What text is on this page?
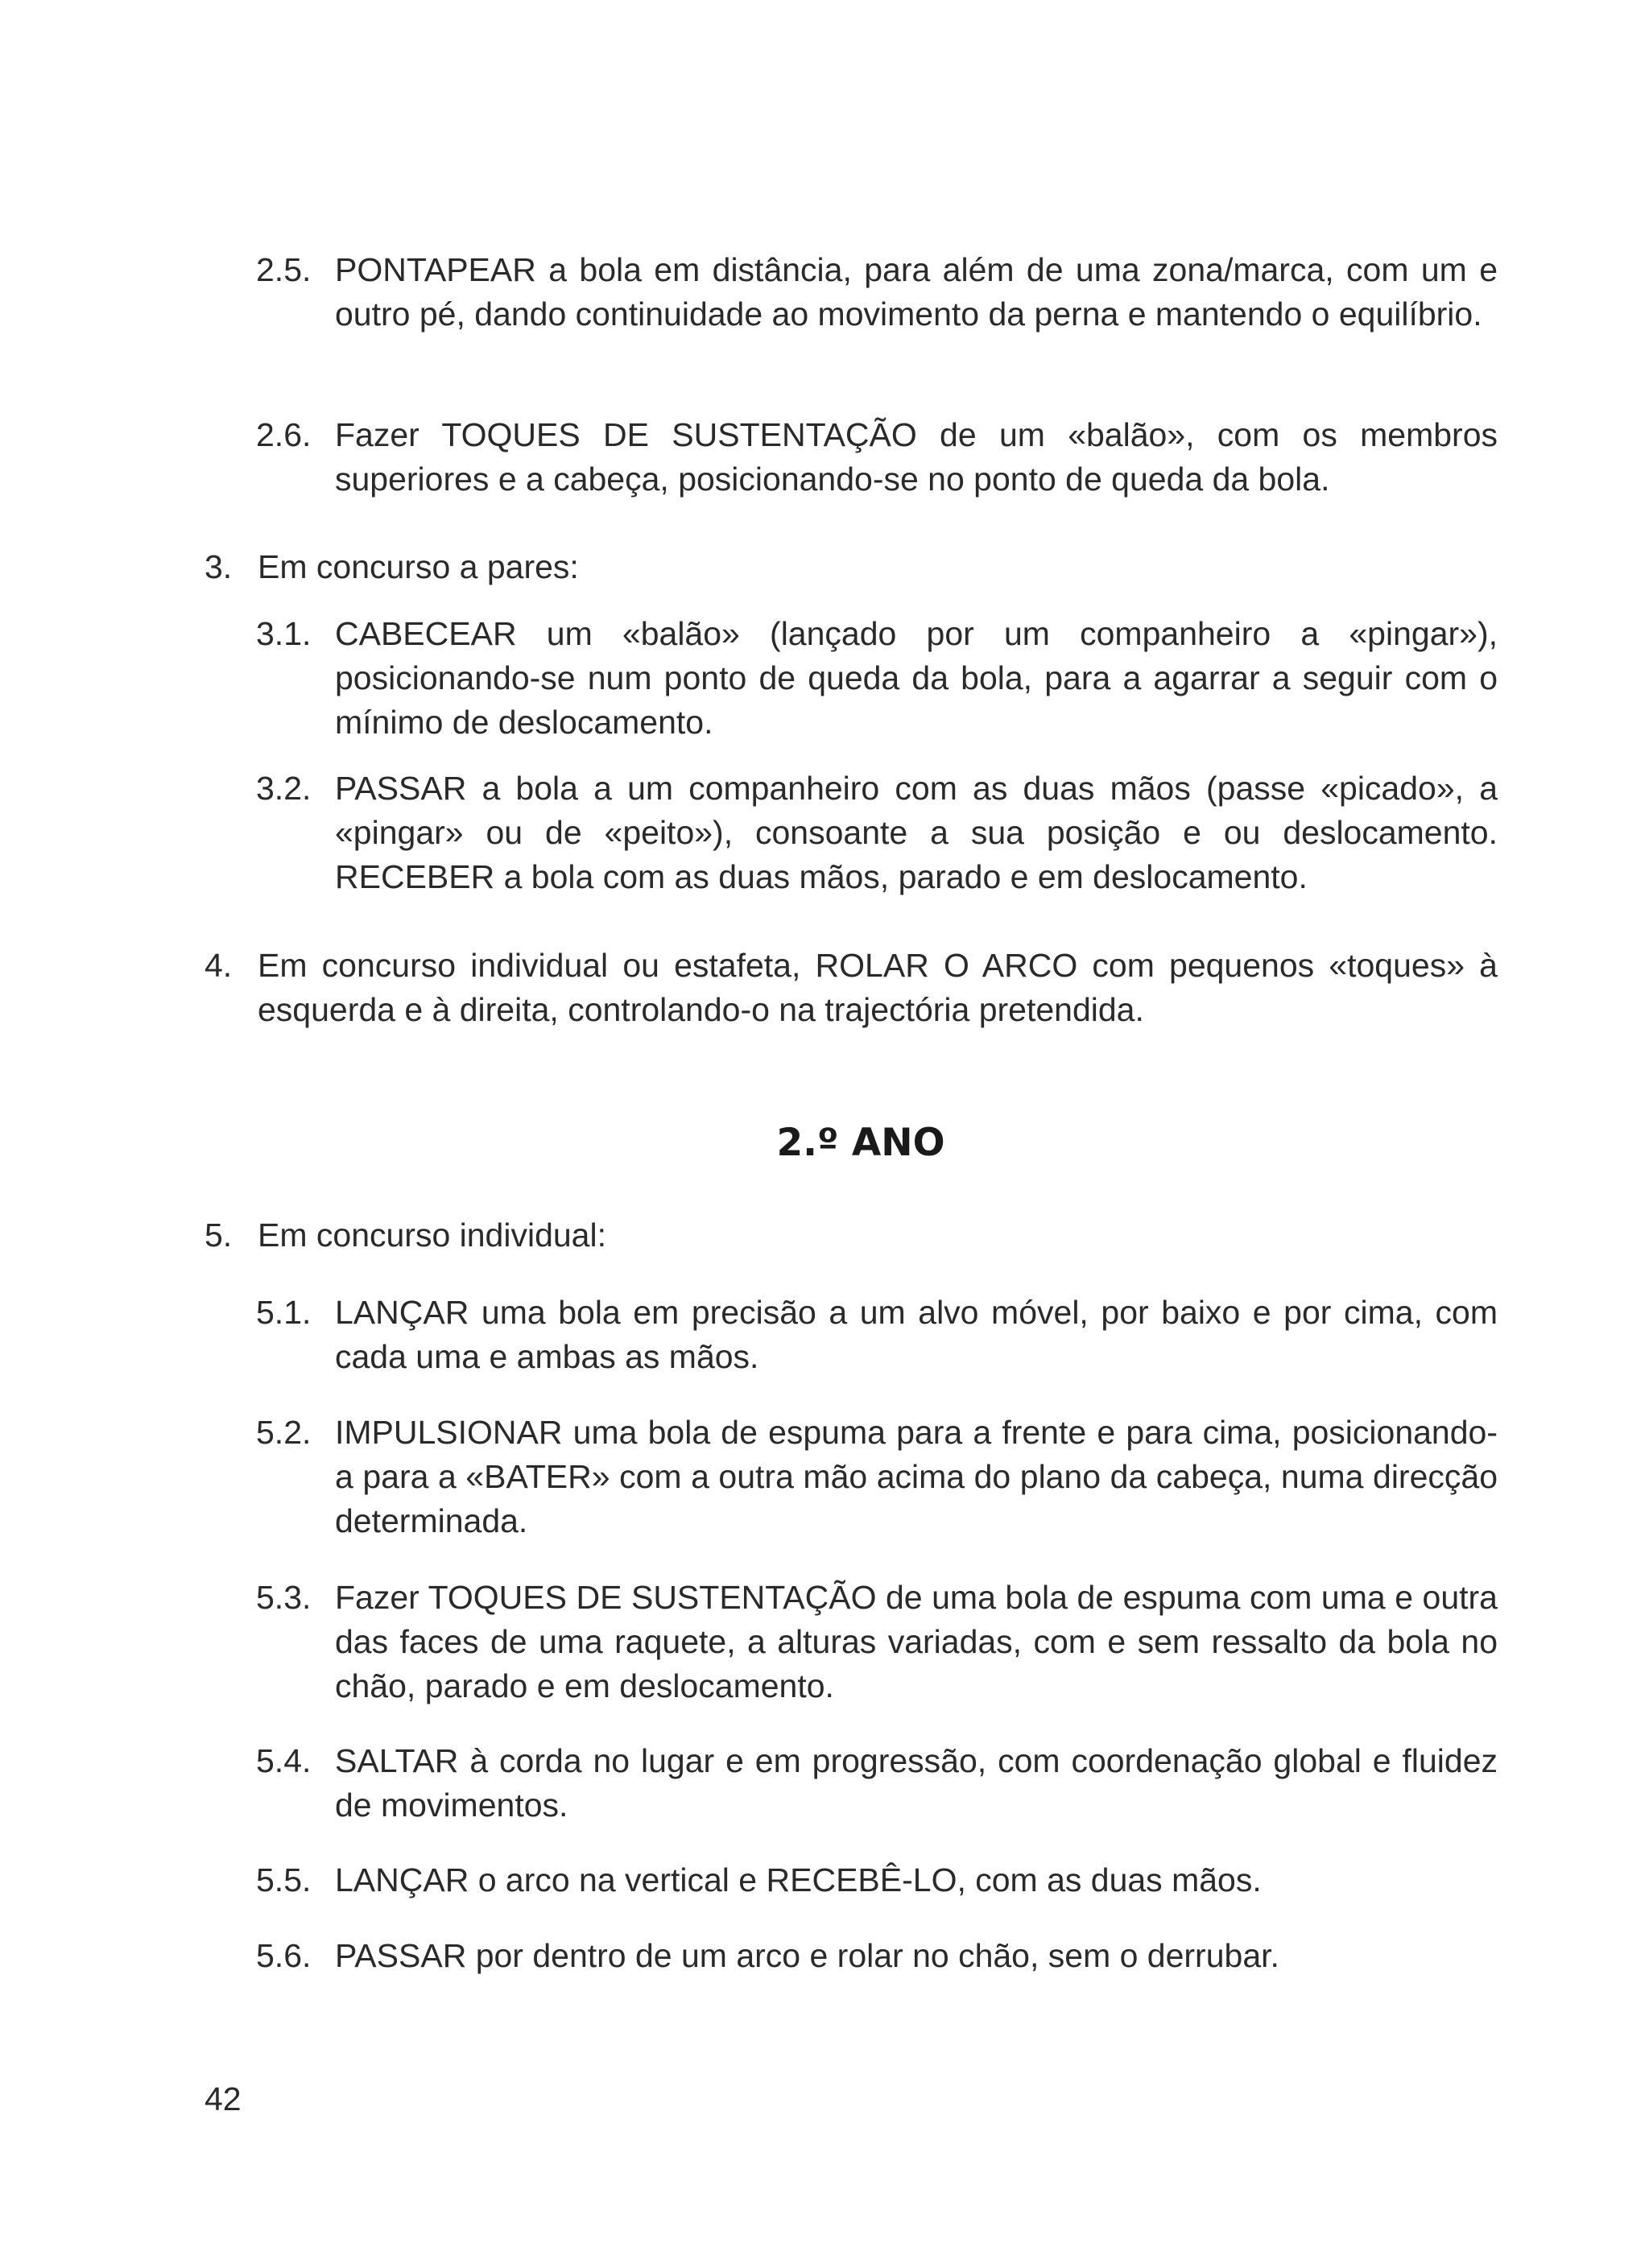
2.5. PONTAPEAR a bola em distância, para além de uma zona/marca, com um e outro pé, dando continuidade ao movimento da perna e mantendo o equilíbrio.
2.6. Fazer TOQUES DE SUSTENTAÇÃO de um «balão», com os membros superiores e a cabeça, posicionando-se no ponto de queda da bola.
3. Em concurso a pares:
3.1. CABECEAR um «balão» (lançado por um companheiro a «pingar»), posicionando-se num ponto de queda da bola, para a agarrar a seguir com o mínimo de deslocamento.
3.2. PASSAR a bola a um companheiro com as duas mãos (passe «picado», a «pingar» ou de «peito»), consoante a sua posição e ou deslocamento. RECEBER a bola com as duas mãos, parado e em deslocamento.
4. Em concurso individual ou estafeta, ROLAR O ARCO com pequenos «toques» à esquerda e à direita, controlando-o na trajectória pretendida.
2.º ANO
5. Em concurso individual:
5.1. LANÇAR uma bola em precisão a um alvo móvel, por baixo e por cima, com cada uma e ambas as mãos.
5.2. IMPULSIONAR uma bola de espuma para a frente e para cima, posicionando-a para a «BATER» com a outra mão acima do plano da cabeça, numa direcção determinada.
5.3. Fazer TOQUES DE SUSTENTAÇÃO de uma bola de espuma com uma e outra das faces de uma raquete, a alturas variadas, com e sem ressalto da bola no chão, parado e em deslocamento.
5.4. SALTAR à corda no lugar e em progressão, com coordenação global e fluidez de movimentos.
5.5. LANÇAR o arco na vertical e RECEBÊ-LO, com as duas mãos.
5.6. PASSAR por dentro de um arco e rolar no chão, sem o derrubar.
42
